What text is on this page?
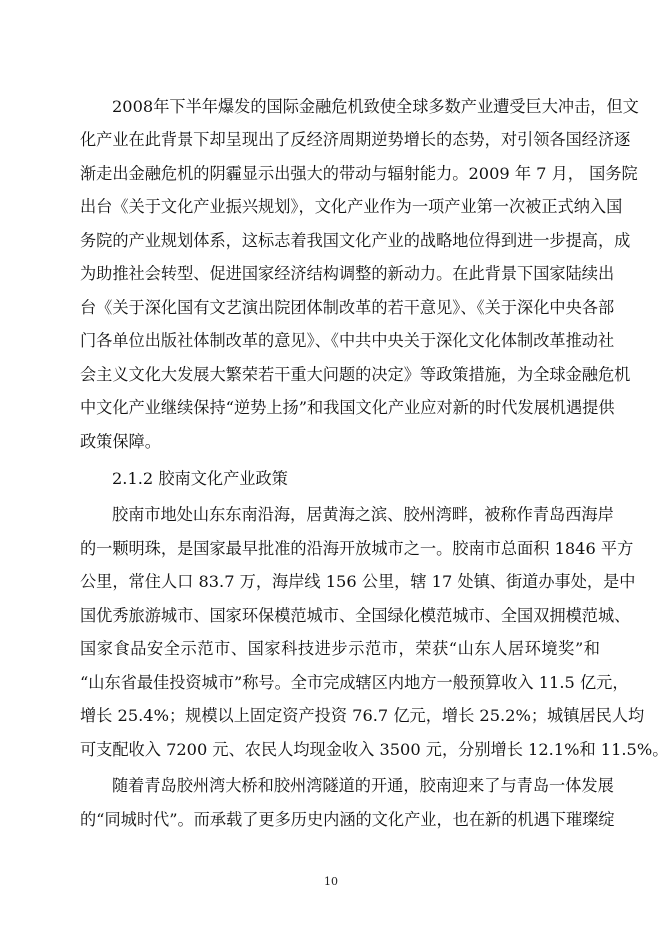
2008年下半年爆发的国际金融危机致使全球多数产业遭受巨大冲击，但文
化产业在此背景下却呈现出了反经济周期逆势增长的态势，对引领各国经济逐
渐走出金融危机的阴霾显示出强大的带动与辐射能力。2009 年 7 月， 国务院
出台《关于文化产业振兴规划》，文化产业作为一项产业第一次被正式纳入国
务院的产业规划体系，这标志着我国文化产业的战略地位得到进一步提高，成
为助推社会转型、促进国家经济结构调整的新动力。在此背景下国家陆续出
台《关于深化国有文艺演出院团体制改革的若干意见》、《关于深化中央各部
门各单位出版社体制改革的意见》、《中共中央关于深化文化体制改革推动社
会主义文化大发展大繁荣若干重大问题的决定》等政策措施，为全球金融危机
中文化产业继续保持“逆势上扬”和我国文化产业应对新的时代发展机遇提供
政策保障。
2.1.2 胶南文化产业政策
胶南市地处山东东南沿海，居黄海之滨、胶州湾畔，被称作青岛西海岸
的一颗明珠，是国家最早批准的沿海开放城市之一。胶南市总面积 1846 平方
公里，常住人口 83.7 万，海岸线 156 公里，辖 17 处镇、街道办事处，是中
国优秀旅游城市、国家环保模范城市、全国绿化模范城市、全国双拥模范城、
国家食品安全示范市、国家科技进步示范市，荣获“山东人居环境奖”和
“山东省最佳投资城市”称号。全市完成辖区内地方一般预算收入 11.5 亿元，
增长 25.4%；规模以上固定资产投资 76.7 亿元，增长 25.2%；城镇居民人均
可支配收入 7200 元、农民人均现金收入 3500 元，分别增长 12.1%和 11.5%。
随着青岛胶州湾大桥和胶州湾隧道的开通，胶南迎来了与青岛一体发展
的“同城时代”。而承载了更多历史内涵的文化产业，也在新的机遇下璀璨绽
10
